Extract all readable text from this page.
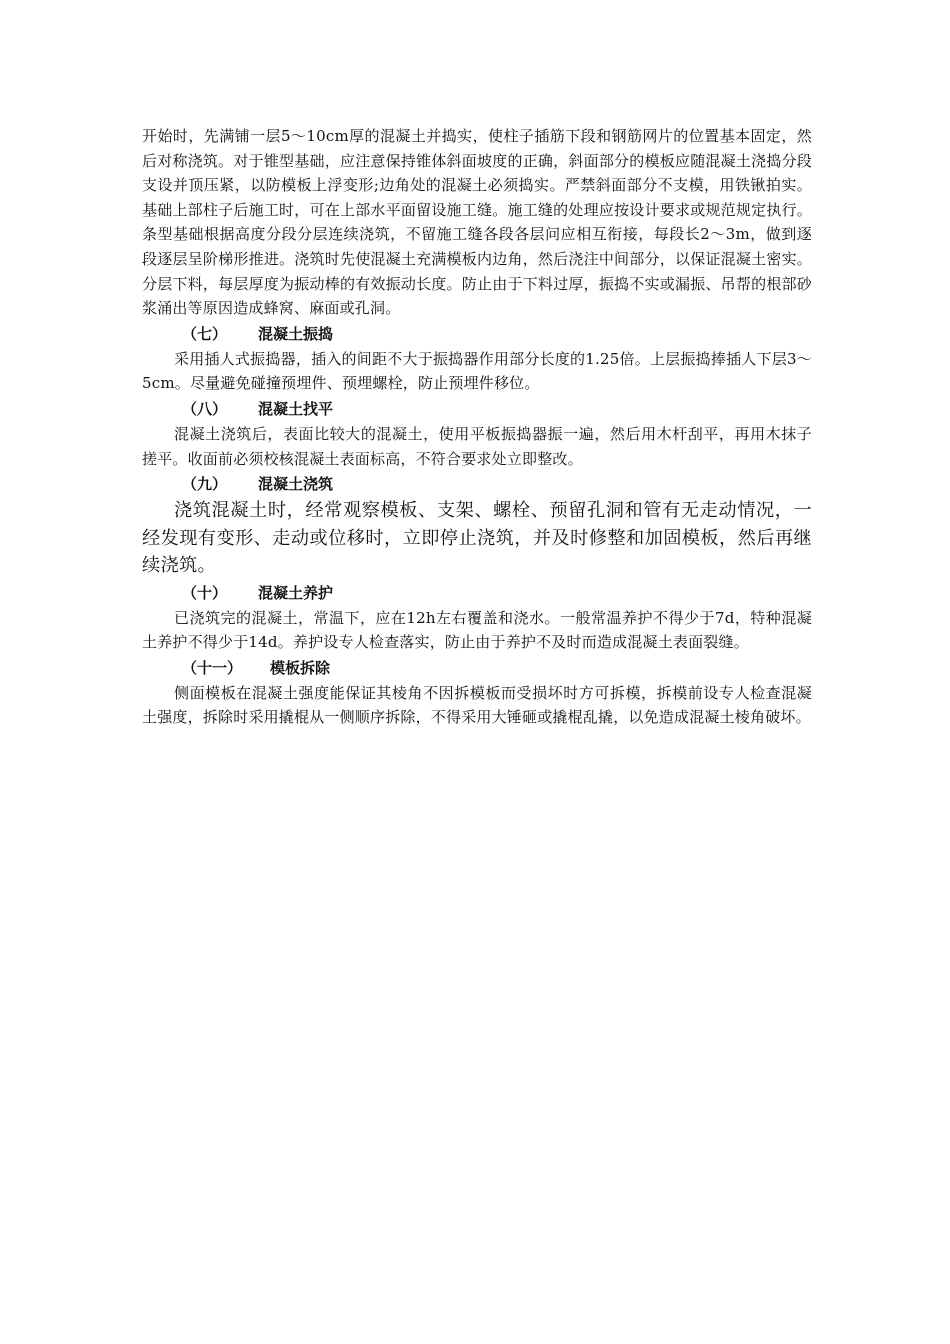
开始时，先满铺一层5～10cm厚的混凝土并捣实，使柱子插筋下段和钢筋网片的位置基本固定，然后对称浇筑。对于锥型基础，应注意保持锥体斜面坡度的正确，斜面部分的模板应随混凝土浇捣分段支设并顶压紧，以防模板上浮变形;边角处的混凝土必须捣实。严禁斜面部分不支模，用铁锹拍实。基础上部柱子后施工时，可在上部水平面留设施工缝。施工缝的处理应按设计要求或规范规定执行。条型基础根据高度分段分层连续浇筑，不留施工缝各段各层问应相互衔接，每段长2～3m，做到逐段逐层呈阶梯形推进。浇筑时先使混凝土充满模板内边角，然后浇注中间部分，以保证混凝土密实。分层下料，每层厚度为振动棒的有效振动长度。防止由于下料过厚，振捣不实或漏振、吊帮的根部砂浆涌出等原因造成蜂窝、麻面或孔洞。

（七） 混凝土振捣

采用插人式振捣器，插入的间距不大于振捣器作用部分长度的1.25倍。上层振捣捧插人下层3～5cm。尽量避免碰撞预埋件、预埋螺栓，防止预埋件移位。

（八） 混凝土找平

混凝土浇筑后，表面比较大的混凝土，使用平板振捣器振一遍，然后用木杆刮平，再用木抹子搓平。收面前必须校核混凝土表面标高，不符合要求处立即整改。

（九） 混凝土浇筑

浇筑混凝土时，经常观察模板、支架、螺栓、预留孔洞和管有无走动情况，一经发现有变形、走动或位移时，立即停止浇筑，并及时修整和加固模板，然后再继续浇筑。

（十） 混凝土养护

已浇筑完的混凝土，常温下，应在12h左右覆盖和浇水。一般常温养护不得少于7d，特种混凝土养护不得少于14d。养护设专人检查落实，防止由于养护不及时而造成混凝土表面裂缝。

（十一） 模板拆除

侧面模板在混凝土强度能保证其棱角不因拆模板而受损坏时方可拆模，拆模前设专人检查混凝土强度，拆除时采用撬棍从一侧顺序拆除，不得采用大锤砸或撬棍乱撬，以免造成混凝土棱角破坏。
